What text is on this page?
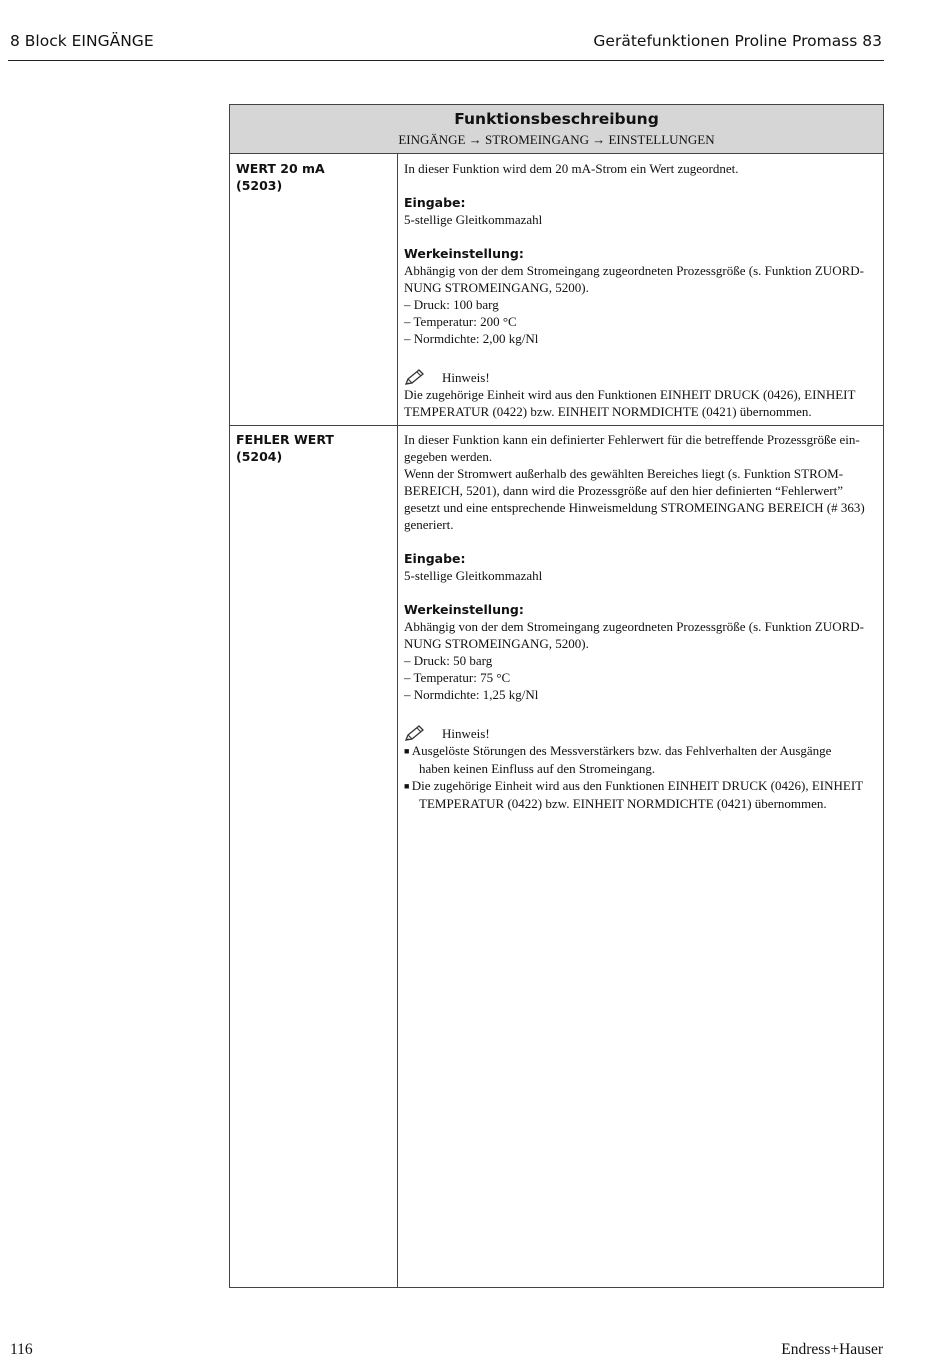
8 Block EINGÄNGE	Gerätefunktionen Proline Promass 83
Funktionsbeschreibung
EINGÄNGE → STROMEINGANG → EINSTELLUNGEN
WERT 20 mA
(5203)

In dieser Funktion wird dem 20 mA-Strom ein Wert zugeordnet.

Eingabe:

5-stellige Gleitkommazahl

Werkeinstellung:

Abhängig von der dem Stromeingang zugeordneten Prozessgröße (s. Funktion ZUORD-

NUNG STROMEINGANG, 5200).

– Druck: 100 barg

– Temperatur: 200 °C

– Normdichte: 2,00 kg/Nl

Hinweis!

Die zugehörige Einheit wird aus den Funktionen EINHEIT DRUCK (0426), EINHEIT

TEMPERATUR (0422) bzw. EINHEIT NORMDICHTE (0421) übernommen.

FEHLER WERT
(5204)

In dieser Funktion kann ein definierter Fehlerwert für die betreffende Prozessgröße ein-

gegeben werden.

Wenn der Stromwert außerhalb des gewählten Bereiches liegt (s. Funktion STROM-

BEREICH, 5201), dann wird die Prozessgröße auf den hier definierten “Fehlerwert”

gesetzt und eine entsprechende Hinweismeldung STROMEINGANG BEREICH (# 363)

generiert.

Eingabe:

5-stellige Gleitkommazahl

Werkeinstellung:

Abhängig von der dem Stromeingang zugeordneten Prozessgröße (s. Funktion ZUORD-

NUNG STROMEINGANG, 5200).

– Druck: 50 barg

– Temperatur: 75 °C

– Normdichte: 1,25 kg/Nl

Hinweis!
■ Ausgelöste Störungen des Messverstärkers bzw. das Fehlverhalten der Ausgänge
haben keinen Einfluss auf den Stromeingang.
■ Die zugehörige Einheit wird aus den Funktionen EINHEIT DRUCK (0426), EINHEIT
TEMPERATUR (0422) bzw. EINHEIT NORMDICHTE (0421) übernommen.
116	Endress+Hauser
